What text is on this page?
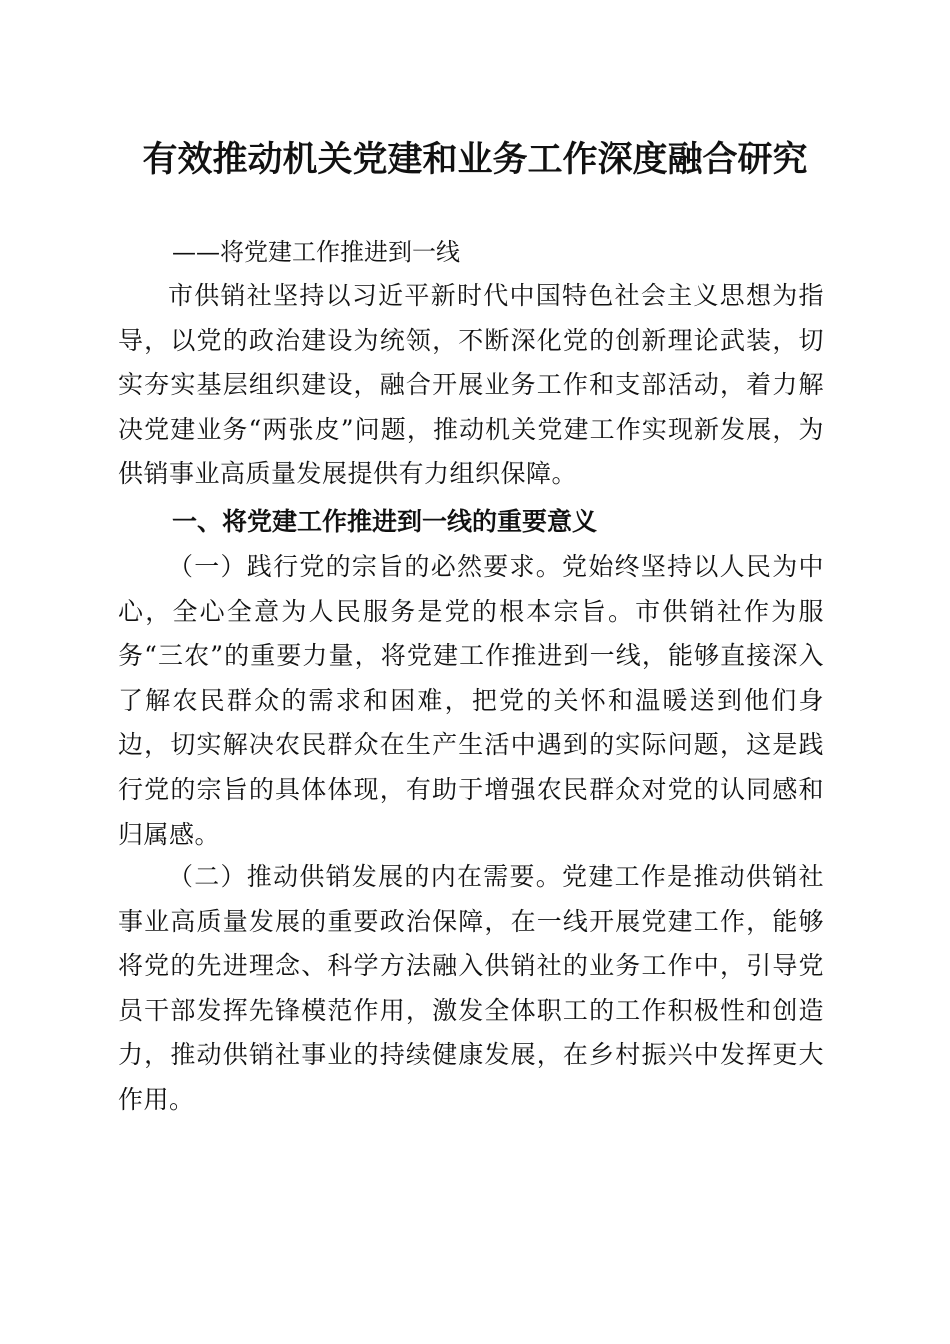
有效推动机关党建和业务工作深度融合研究

——将党建工作推进到一线

市供销社坚持以习近平新时代中国特色社会主义思想为指导，以党的政治建设为统领，不断深化党的创新理论武装，切实夯实基层组织建设，融合开展业务工作和支部活动，着力解决党建业务“两张皮”问题，推动机关党建工作实现新发展，为供销事业高质量发展提供有力组织保障。

一、将党建工作推进到一线的重要意义

（一）践行党的宗旨的必然要求。党始终坚持以人民为中心，全心全意为人民服务是党的根本宗旨。市供销社作为服务“三农”的重要力量，将党建工作推进到一线，能够直接深入了解农民群众的需求和困难，把党的关怀和温暖送到他们身边，切实解决农民群众在生产生活中遇到的实际问题，这是践行党的宗旨的具体体现，有助于增强农民群众对党的认同感和归属感。

（二）推动供销发展的内在需要。党建工作是推动供销社事业高质量发展的重要政治保障，在一线开展党建工作，能够将党的先进理念、科学方法融入供销社的业务工作中，引导党员干部发挥先锋模范作用，激发全体职工的工作积极性和创造力，推动供销社事业的持续健康发展，在乡村振兴中发挥更大作用。
